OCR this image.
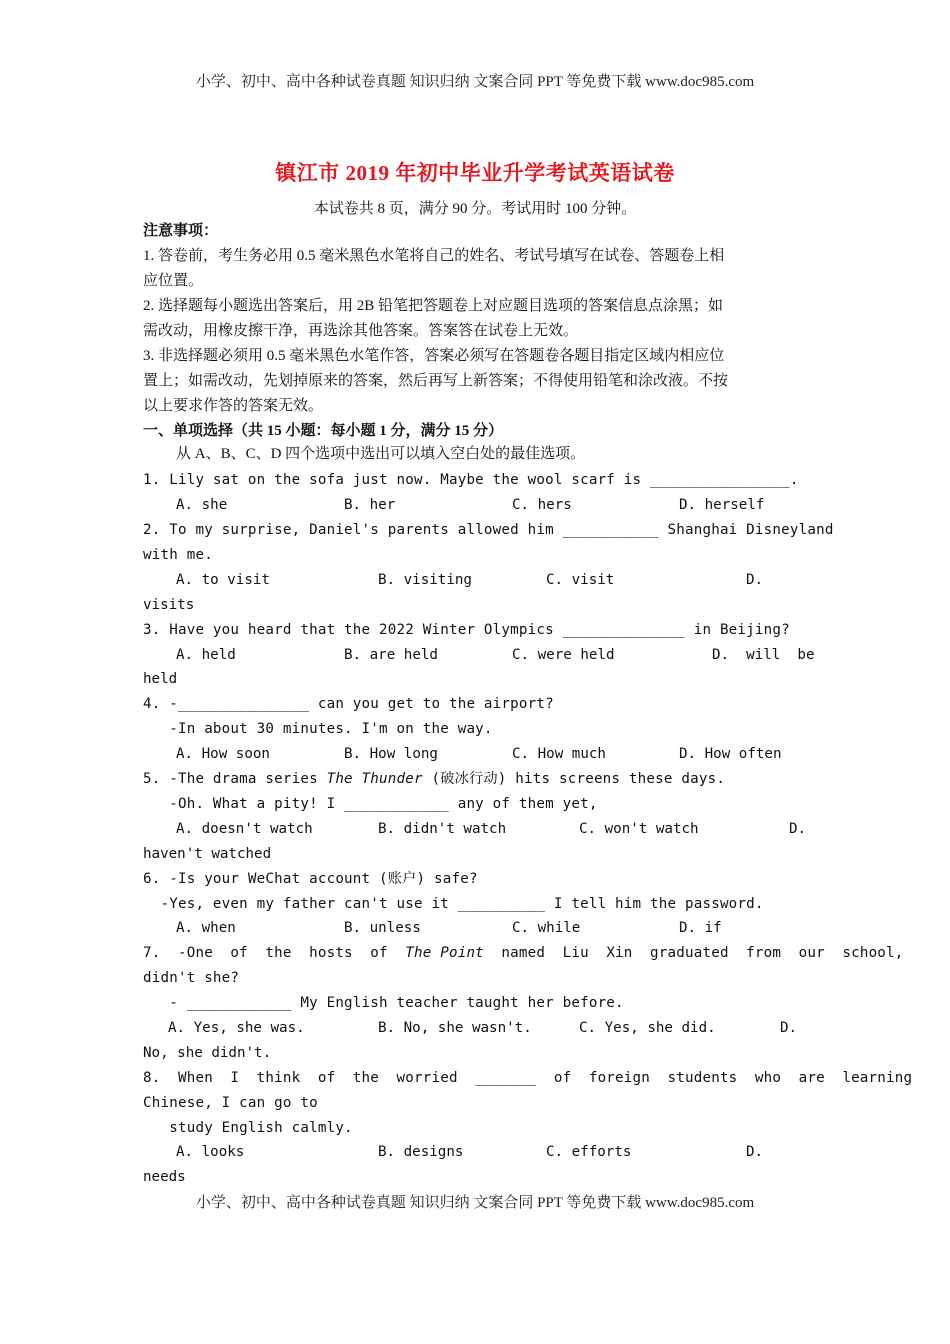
小学、初中、高中各种试卷真题 知识归纳 文案合同 PPT 等免费下载 www.doc985.com
镇江市 2019 年初中毕业升学考试英语试卷
本试卷共 8 页，满分 90 分。考试用时 100 分钟。
注意事项：
1. 答卷前，考生务必用 0.5 毫米黑色水笔将自己的姓名、考试号填写在试卷、答题卷上相
应位置。
2. 选择题每小题选出答案后，用 2B 铅笔把答题卷上对应题目选项的答案信息点涂黑；如
需改动，用橡皮擦干净，再选涂其他答案。答案答在试卷上无效。
3. 非选择题必须用 0.5 毫米黑色水笔作答，答案必须写在答题卷各题目指定区域内相应位
置上；如需改动，先划掉原来的答案，然后再写上新答案；不得使用铅笔和涂改液。不按
以上要求作答的答案无效。
一、单项选择（共 15 小题：每小题 1 分，满分 15 分）
从 A、B、C、D 四个选项中选出可以填入空白处的最佳选项。
1. Lily sat on the sofa just now. Maybe the wool scarf is ________________.
A. she	B. her	C. hers	D. herself
2. To my surprise, Daniel's parents allowed him ___________ Shanghai Disneyland
with me.
A. to visit	B. visiting	C. visit	D.
visits
3. Have you heard that the 2022 Winter Olympics ______________ in Beijing?
A. held	B. are held	C. were held	D.  will  be
held
4. -_______________ can you get to the airport?
-In about 30 minutes. I'm on the way.
A. How soon	B. How long	C. How much	D. How often
5. -The drama series The Thunder (破冰行动) hits screens these days.
-Oh. What a pity! I ____________ any of them yet,
A. doesn't watch	B. didn't watch	C. won't watch	D.
haven't watched
6. -Is your WeChat account (账户) safe?
-Yes, even my father can't use it __________ I tell him the password.
A. when	B. unless	C. while	D. if
7.  -One  of  the  hosts  of  The Point  named  Liu  Xin  graduated  from  our  school,
didn't she?
- ____________ My English teacher taught her before.
A. Yes, she was.	B. No, she wasn't.	C. Yes, she did.	D.
No, she didn't.
8.  When  I  think  of  the  worried  _______  of  foreign  students  who  are  learning
Chinese, I can go to
study English calmly.
A. looks	B. designs	C. efforts	D.
needs
小学、初中、高中各种试卷真题 知识归纳 文案合同 PPT 等免费下载 www.doc985.com
